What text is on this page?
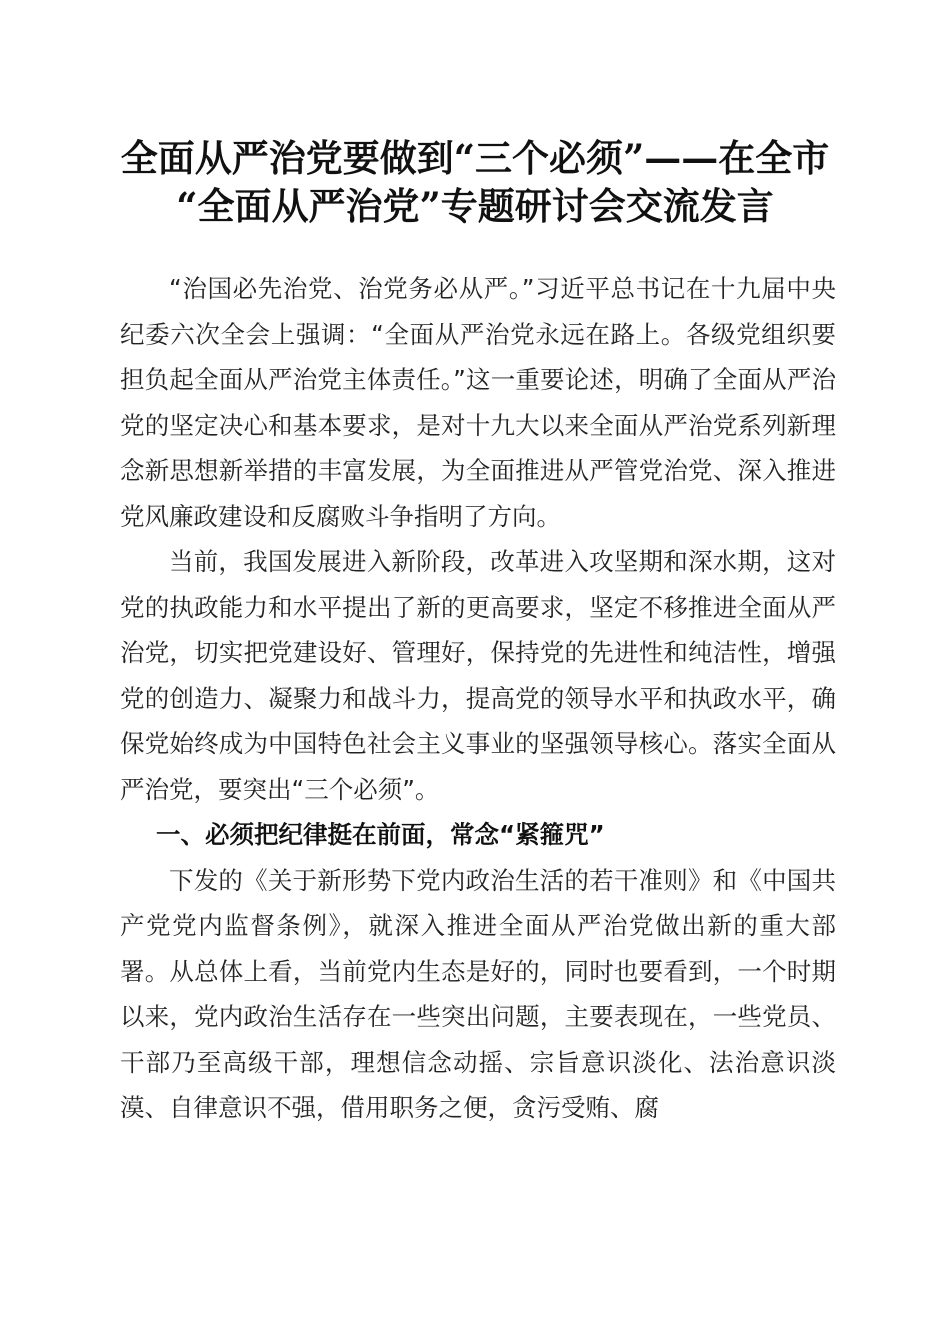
全面从严治党要做到“三个必须”——在全市
“全面从严治党”专题研讨会交流发言

“治国必先治党、治党务必从严。”习近平总书记在十九届中央纪委六次全会上强调：“全面从严治党永远在路上。各级党组织要担负起全面从严治党主体责任。”这一重要论述，明确了全面从严治党的坚定决心和基本要求，是对十九大以来全面从严治党系列新理念新思想新举措的丰富发展，为全面推进从严管党治党、深入推进党风廉政建设和反腐败斗争指明了方向。

当前，我国发展进入新阶段，改革进入攻坚期和深水期，这对党的执政能力和水平提出了新的更高要求，坚定不移推进全面从严治党，切实把党建设好、管理好，保持党的先进性和纯洁性，增强党的创造力、凝聚力和战斗力，提高党的领导水平和执政水平，确保党始终成为中国特色社会主义事业的坚强领导核心。落实全面从严治党，要突出“三个必须”。

一、必须把纪律挺在前面，常念“紧箍咒”

下发的《关于新形势下党内政治生活的若干准则》和《中国共产党党内监督条例》，就深入推进全面从严治党做出新的重大部署。从总体上看，当前党内生态是好的，同时也要看到，一个时期以来，党内政治生活存在一些突出问题，主要表现在，一些党员、干部乃至高级干部，理想信念动摇、宗旨意识淡化、法治意识淡漠、自律意识不强，借用职务之便，贪污受贿、腐
